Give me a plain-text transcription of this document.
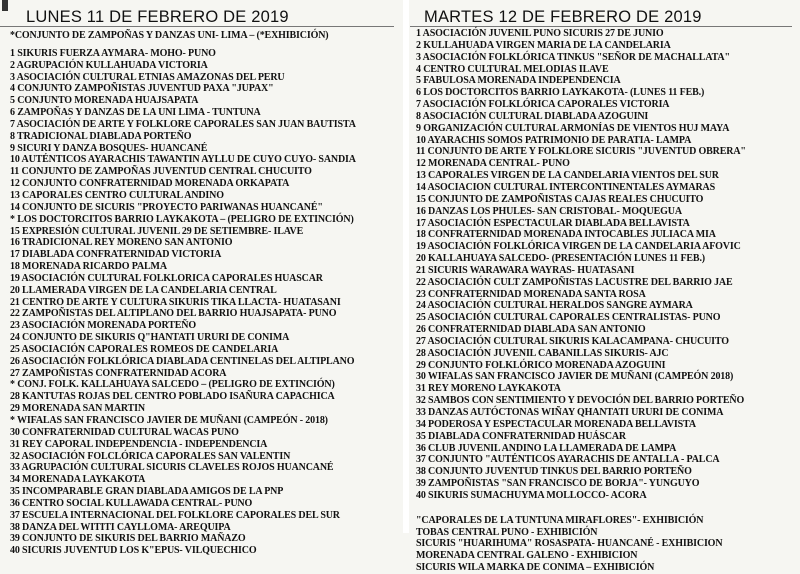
LUNES 11 DE FEBRERO DE 2019
*CONJUNTO DE ZAMPOÑAS Y DANZAS UNI- LIMA – (*EXHIBICIÓN)
1 SIKURIS FUERZA AYMARA- MOHO- PUNO
2 AGRUPACIÓN KULLAHUADA VICTORIA
3 ASOCIACIÓN CULTURAL ETNIAS AMAZONAS DEL PERU
4 CONJUNTO ZAMPOÑISTAS JUVENTUD PAXA "JUPAX"
5 CONJUNTO MORENADA HUAJSAPATA
6 ZAMPOÑAS Y DANZAS DE LA UNI LIMA - TUNTUNA
7 ASOCIACIÓN DE ARTE Y FOLKLORE CAPORALES SAN JUAN BAUTISTA
8 TRADICIONAL DIABLADA PORTEÑO
9 SICURI Y DANZA BOSQUES- HUANCANÉ
10 AUTÉNTICOS AYARACHIS TAWANTIN AYLLU DE CUYO CUYO- SANDIA
11 CONJUNTO DE ZAMPOÑAS JUVENTUD CENTRAL CHUCUITO
12 CONJUNTO CONFRATERNIDAD MORENADA ORKAPATA
13 CAPORALES CENTRO CULTURAL ANDINO
14 CONJUNTO DE SICURIS "PROYECTO PARIWANAS HUANCANÉ"
* LOS DOCTORCITOS BARRIO LAYKAKOTA – (PELIGRO DE EXTINCIÓN)
15 EXPRESIÓN CULTURAL JUVENIL 29 DE SETIEMBRE- ILAVE
16 TRADICIONAL REY MORENO SAN ANTONIO
17 DIABLADA CONFRATERNIDAD VICTORIA
18 MORENADA RICARDO PALMA
19 ASOCIACIÓN CULTURAL FOLKLORICA CAPORALES HUASCAR
20 LLAMERADA VIRGEN DE LA CANDELARIA CENTRAL
21 CENTRO DE ARTE Y CULTURA SIKURIS TIKA LLACTA- HUATASANI
22 ZAMPOÑISTAS DEL ALTIPLANO DEL BARRIO HUAJSAPATA- PUNO
23 ASOCIACIÓN MORENADA PORTEÑO
24 CONJUNTO DE SIKURIS Q"HANTATI URURI DE CONIMA
25 ASOCIACIÓN CAPORALES ROMEOS DE CANDELARIA
26 ASOCIACIÓN FOLKLÓRICA DIABLADA CENTINELAS DEL ALTIPLANO
27 ZAMPOÑISTAS CONFRATERNIDAD ACORA
* CONJ. FOLK. KALLAHUAYA SALCEDO – (PELIGRO DE EXTINCIÓN)
28 KANTUTAS ROJAS DEL CENTRO POBLADO ISAÑURA CAPACHICA
29 MORENADA SAN MARTIN
* WIFALAS SAN FRANCISCO JAVIER DE MUÑANI (CAMPEÓN - 2018)
30 CONFRATERNIDAD CULTURAL WACAS PUNO
31 REY CAPORAL INDEPENDENCIA - INDEPENDENCIA
32 ASOCIACIÓN FOLCLÓRICA CAPORALES SAN VALENTIN
33 AGRUPACIÓN CULTURAL SICURIS CLAVELES ROJOS HUANCANÉ
34 MORENADA LAYKAKOTA
35 INCOMPARABLE GRAN DIABLADA AMIGOS DE LA PNP
36 CENTRO SOCIAL KULLAWADA CENTRAL- PUNO
37 ESCUELA INTERNACIONAL DEL FOLKLORE CAPORALES DEL SUR
38 DANZA DEL WITITI CAYLLOMA- AREQUIPA
39 CONJUNTO DE SIKURIS DEL BARRIO MAÑAZO
40 SICURIS JUVENTUD LOS K"EPUS- VILQUECHICO
MARTES 12 DE FEBRERO DE 2019
1 ASOCIACIÓN JUVENIL PUNO SICURIS 27 DE JUNIO
2 KULLAHUADA VIRGEN MARIA DE LA CANDELARIA
3 ASOCIACIÓN FOLKLÓRICA TINKUS "SEÑOR DE MACHALLATA"
4 CENTRO CULTURAL MELODIAS ILAVE
5 FABULOSA MORENADA INDEPENDENCIA
6 LOS DOCTORCITOS BARRIO LAYKAKOTA- (LUNES 11 FEB.)
7 ASOCIACIÓN FOLKLÓRICA CAPORALES VICTORIA
8 ASOCIACIÓN CULTURAL DIABLADA AZOGUINI
9 ORGANIZACIÓN CULTURAL ARMONÍAS DE VIENTOS HUJ MAYA
10 AYARACHIS SOMOS PATRIMONIO DE PARATIA- LAMPA
11 CONJUNTO DE ARTE Y FOLKLORE SICURIS "JUVENTUD OBRERA"
12 MORENADA CENTRAL- PUNO
13 CAPORALES VIRGEN DE LA CANDELARIA VIENTOS DEL SUR
14 ASOCIACION CULTURAL INTERCONTINENTALES AYMARAS
15 CONJUNTO DE ZAMPOÑISTAS CAJAS REALES CHUCUITO
16 DANZAS LOS PHULES- SAN CRISTOBAL- MOQUEGUA
17 ASOCIACIÓN ESPECTACULAR DIABLADA BELLAVISTA
18 CONFRATERNIDAD MORENADA INTOCABLES JULIACA MIA
19 ASOCIACIÓN FOLKLÓRICA VIRGEN DE LA CANDELARIA AFOVIC
20 KALLAHUAYA SALCEDO- (PRESENTACIÓN LUNES 11 FEB.)
21 SICURIS WARAWARA WAYRAS- HUATASANI
22 ASOCIACIÓN CULT ZAMPOÑISTAS LACUSTRE DEL BARRIO JAE
23 CONFRATERNIDAD MORENADA SANTA ROSA
24 ASOCIACIÓN CULTURAL HERALDOS SANGRE AYMARA
25 ASOCIACIÓN CULTURAL CAPORALES CENTRALISTAS- PUNO
26 CONFRATERNIDAD DIABLADA SAN ANTONIO
27 ASOCIACIÓN CULTURAL SIKURIS KALACAMPANA- CHUCUITO
28 ASOCIACIÓN JUVENIL CABANILLAS SIKURIS- AJC
29 CONJUNTO FOLKLÓRICO MORENADA AZOGUINI
30 WIFALAS SAN FRANCISCO JAVIER DE MUÑANI (CAMPEÓN 2018)
31 REY MORENO LAYKAKOTA
32 SAMBOS CON SENTIMIENTO Y DEVOCIÓN DEL BARRIO PORTEÑO
33 DANZAS AUTÓCTONAS WIÑAY QHANTATI URURI DE CONIMA
34 PODEROSA Y ESPECTACULAR MORENADA BELLAVISTA
35 DIABLADA CONFRATERNIDAD HUÁSCAR
36 CLUB JUVENIL ANDINO LA LLAMERADA DE LAMPA
37 CONJUNTO "AUTÉNTICOS AYARACHIS DE ANTALLA - PALCA
38 CONJUNTO JUVENTUD TINKUS DEL BARRIO PORTEÑO
39 ZAMPOÑISTAS "SAN FRANCISCO DE BORJA"- YUNGUYO
40 SIKURIS SUMACHUYMA MOLLOCCO- ACORA
"CAPORALES DE LA TUNTUNA MIRAFLORES"- EXHIBICIÓN
TOBAS CENTRAL PUNO - EXHIBICIÓN
SICURIS "HUARIHUMA" ROSASPATA- HUANCANÉ - EXHIBICION
MORENADA CENTRAL GALENO - EXHIBICION
SICURIS WILA MARKA DE CONIMA – EXHIBICIÓN
